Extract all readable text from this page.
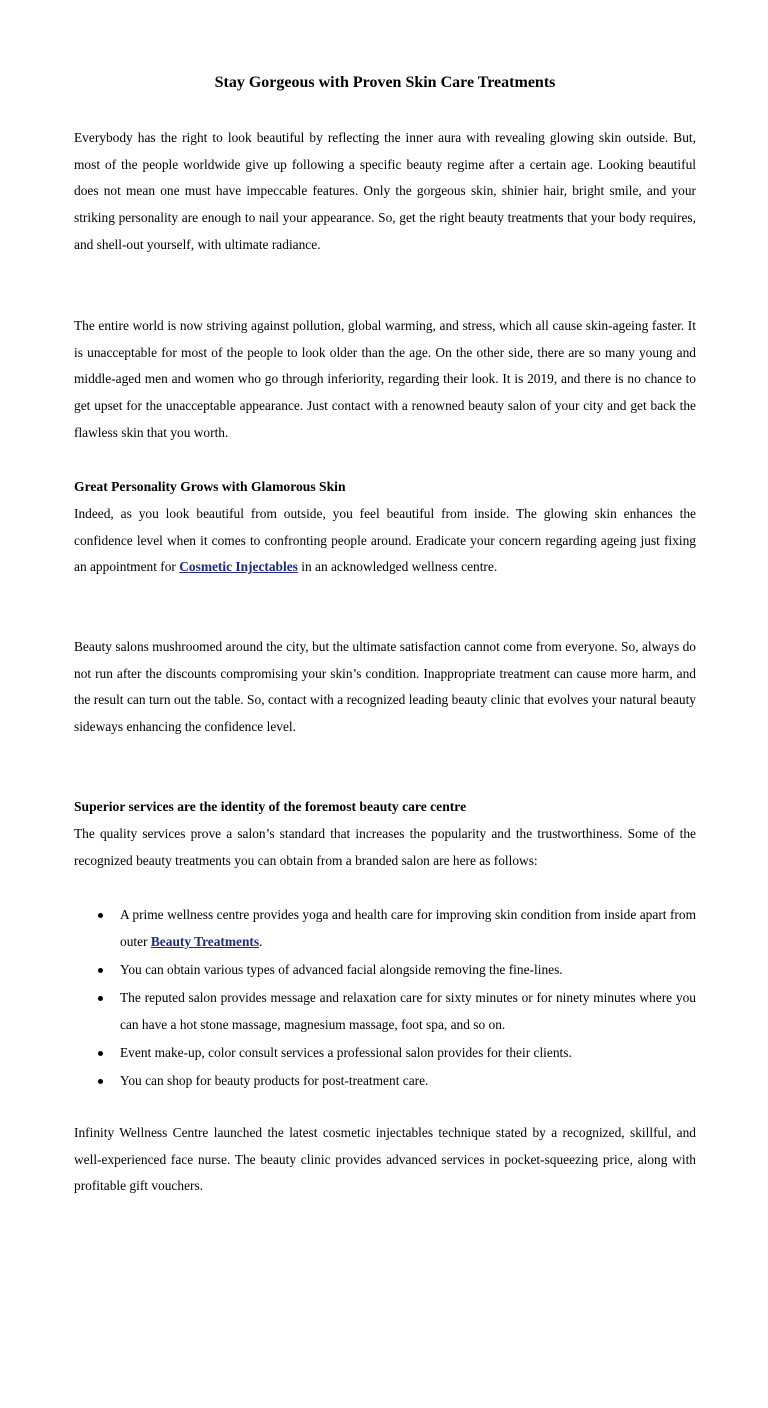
Stay Gorgeous with Proven Skin Care Treatments

Everybody has the right to look beautiful by reflecting the inner aura with revealing glowing skin outside. But, most of the people worldwide give up following a specific beauty regime after a certain age. Looking beautiful does not mean one must have impeccable features. Only the gorgeous skin, shinier hair, bright smile, and your striking personality are enough to nail your appearance. So, get the right beauty treatments that your body requires, and shell-out yourself, with ultimate radiance.

The entire world is now striving against pollution, global warming, and stress, which all cause skin-ageing faster. It is unacceptable for most of the people to look older than the age. On the other side, there are so many young and middle-aged men and women who go through inferiority, regarding their look. It is 2019, and there is no chance to get upset for the unacceptable appearance. Just contact with a renowned beauty salon of your city and get back the flawless skin that you worth.

Great Personality Grows with Glamorous Skin

Indeed, as you look beautiful from outside, you feel beautiful from inside. The glowing skin enhances the confidence level when it comes to confronting people around. Eradicate your concern regarding ageing just fixing an appointment for Cosmetic Injectables in an acknowledged wellness centre.

Beauty salons mushroomed around the city, but the ultimate satisfaction cannot come from everyone. So, always do not run after the discounts compromising your skin’s condition. Inappropriate treatment can cause more harm, and the result can turn out the table. So, contact with a recognized leading beauty clinic that evolves your natural beauty sideways enhancing the confidence level.

Superior services are the identity of the foremost beauty care centre

The quality services prove a salon’s standard that increases the popularity and the trustworthiness. Some of the recognized beauty treatments you can obtain from a branded salon are here as follows:

A prime wellness centre provides yoga and health care for improving skin condition from inside apart from outer Beauty Treatments.
You can obtain various types of advanced facial alongside removing the fine-lines.
The reputed salon provides message and relaxation care for sixty minutes or for ninety minutes where you can have a hot stone massage, magnesium massage, foot spa, and so on.
Event make-up, color consult services a professional salon provides for their clients.
You can shop for beauty products for post-treatment care.

Infinity Wellness Centre launched the latest cosmetic injectables technique stated by a recognized, skillful, and well-experienced face nurse. The beauty clinic provides advanced services in pocket-squeezing price, along with profitable gift vouchers.
